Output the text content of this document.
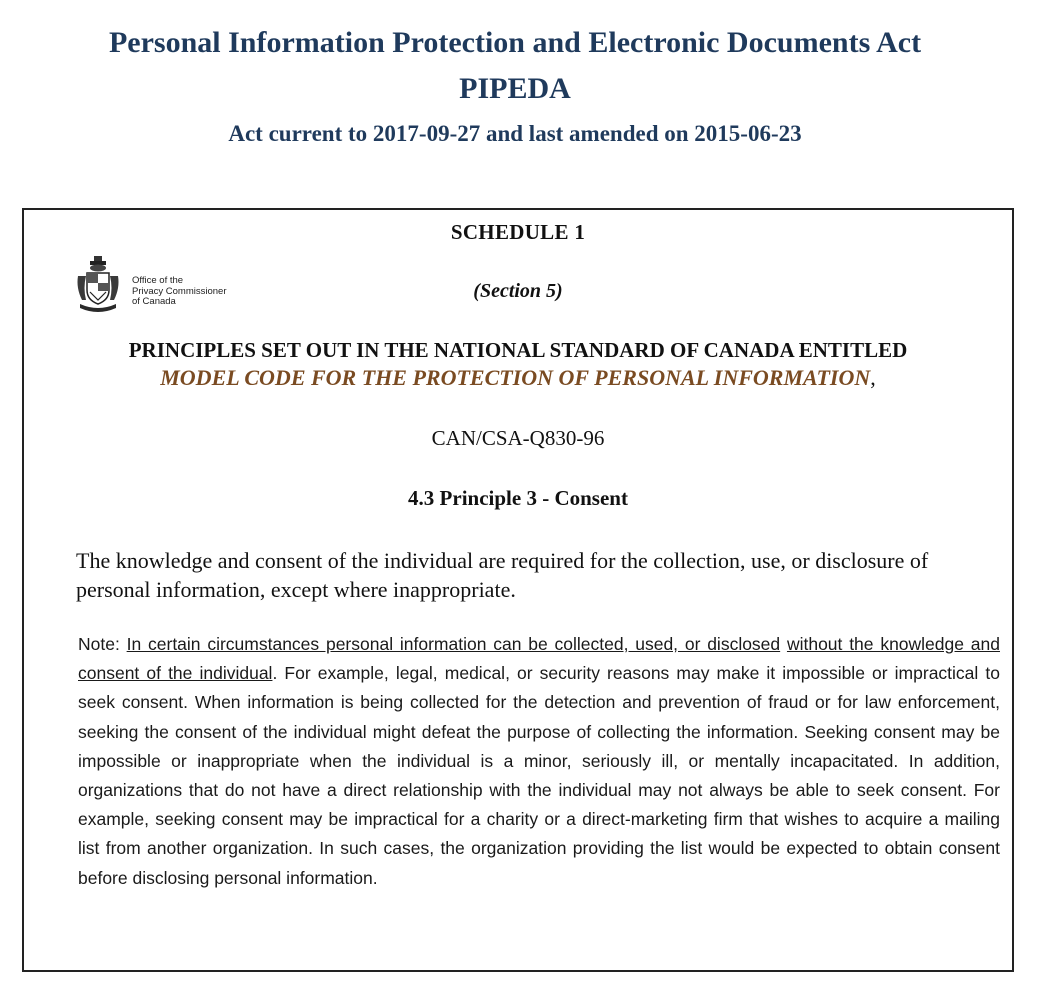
Personal Information Protection and Electronic Documents Act
PIPEDA
Act current to 2017-09-27 and last amended on 2015-06-23
SCHEDULE 1
Office of the
Privacy Commissioner
of Canada	(Section 5)
PRINCIPLES SET OUT IN THE NATIONAL STANDARD OF CANADA ENTITLED
MODEL CODE FOR THE PROTECTION OF PERSONAL INFORMATION,
CAN/CSA-Q830-96
4.3 Principle 3 - Consent
The knowledge and consent of the individual are required for the collection, use, or disclosure of personal information, except where inappropriate.
Note: In certain circumstances personal information can be collected, used, or disclosed without the knowledge and consent of the individual. For example, legal, medical, or security reasons may make it impossible or impractical to seek consent. When information is being collected for the detection and prevention of fraud or for law enforcement, seeking the consent of the individual might defeat the purpose of collecting the information. Seeking consent may be impossible or inappropriate when the individual is a minor, seriously ill, or mentally incapacitated. In addition, organizations that do not have a direct relationship with the individual may not always be able to seek consent. For example, seeking consent may be impractical for a charity or a direct-marketing firm that wishes to acquire a mailing list from another organization. In such cases, the organization providing the list would be expected to obtain consent before disclosing personal information.
